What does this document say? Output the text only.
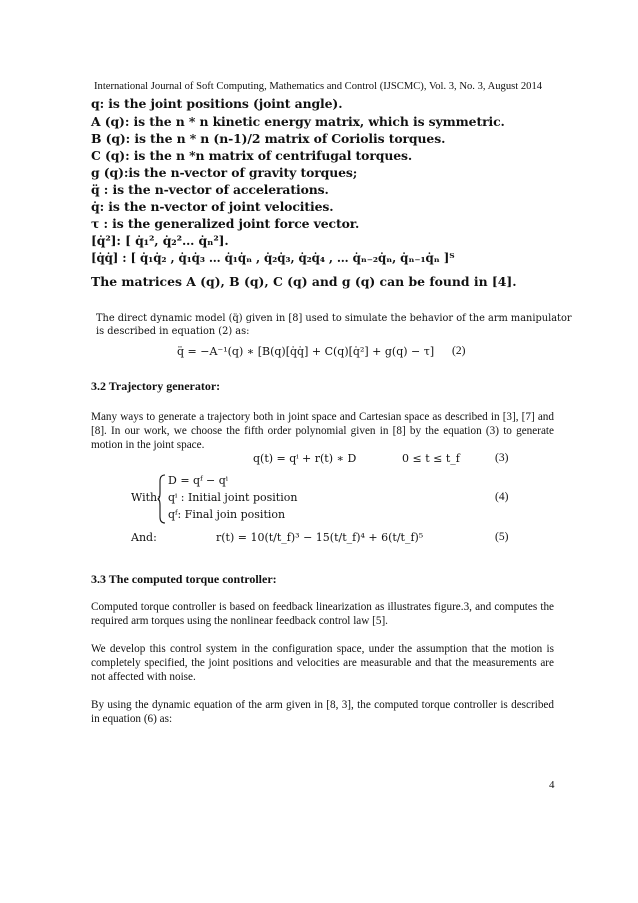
International Journal of Soft Computing, Mathematics and Control (IJSCMC), Vol. 3, No. 3, August 2014
q: is the joint positions (joint angle).
A (q): is the n * n kinetic energy matrix, which is symmetric.
B (q): is the n * n (n-1)/2 matrix of Coriolis torques.
C (q): is the n *n matrix of centrifugal torques.
g (q):is the n-vector of gravity torques;
q̈ : is the n-vector of accelerations.
q̇: is the n-vector of joint velocities.
τ : is the generalized joint force vector.
[q̇²]: [ q̇₁², q̇₂²… q̇ₙ²].
[q̇q̇] : [ q̇₁q̇₂ , q̇₁q̇₃ … q̇₁q̇ₙ , q̇₂q̇₃, q̇₂q̇₄ , … q̇ₙ₋₂q̇ₙ, q̇ₙ₋₁q̇ₙ ]ᵀ
The matrices A (q), B (q), C (q) and g (q) can be found in [4].
The direct dynamic model (q̈) given in [8] used to simulate the behavior of the arm manipulator
is described in equation (2) as:
q̈ = −A⁻¹(q) ∗ [B(q)[q̇q̇] + C(q)[q̇²] + g(q) − τ] (2)
3.2 Trajectory generator:
Many ways to generate a trajectory both in joint space and Cartesian space as described in [3], [7] and [8]. In our work, we choose the fifth order polynomial given in [8] by the equation (3) to generate motion in the joint space.
q(t) = qⁱ + r(t) ∗ D	0 ≤ t ≤ t_f	(3)
With:
D = qᶠ − qⁱ
qⁱ : Initial joint position
qᶠ: Final join position
(4)
And:	r(t) = 10(t/t_f)³ − 15(t/t_f)⁴ + 6(t/t_f)⁵	(5)
3.3 The computed torque controller:
Computed torque controller is based on feedback linearization as illustrates figure.3, and computes the required arm torques using the nonlinear feedback control law [5].
We develop this control system in the configuration space, under the assumption that the motion is completely specified, the joint positions and velocities are measurable and that the measurements are not affected with noise.
By using the dynamic equation of the arm given in [8, 3], the computed torque controller is described in equation (6) as:
4
